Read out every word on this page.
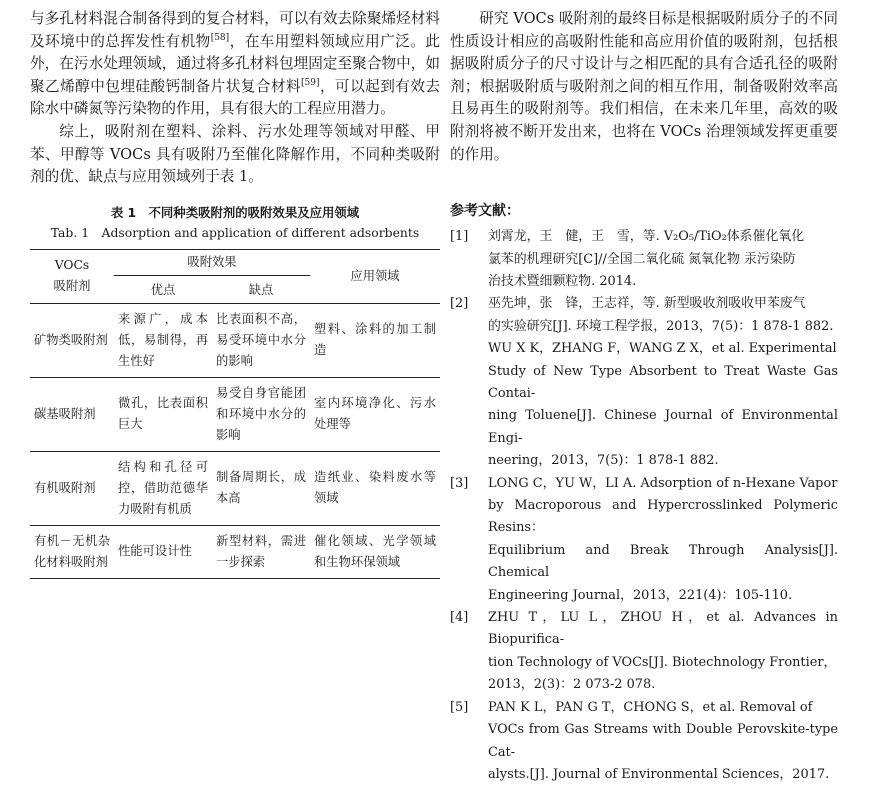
与多孔材料混合制备得到的复合材料，可以有效去除聚烯烃材料及环境中的总挥发性有机物[58]，在车用塑料领域应用广泛。此外，在污水处理领域，通过将多孔材料包埋固定至聚合物中，如聚乙烯醇中包埋硅酸钙制备片状复合材料[59]，可以起到有效去除水中磷氮等污染物的作用，具有很大的工程应用潜力。

综上，吸附剂在塑料、涂料、污水处理等领域对甲醛、甲苯、甲醇等 VOCs 具有吸附乃至催化降解作用，不同种类吸附剂的优、缺点与应用领域列于表 1。

表 1　不同种类吸附剂的吸附效果及应用领域
Tab. 1　Adsorption and application of different adsorbents
VOCs
吸附剂	吸附效果		应用领域
	优点	缺点	
矿物类吸附剂	来源广，成本低，易制得，再生性好	比表面积不高，易受环境中水分的影响	塑料、涂料的加工制造
碳基吸附剂	微孔，比表面积巨大	易受自身官能团和环境中水分的影响	室内环境净化、污水处理等
有机吸附剂	结构和孔径可控，借助范德华力吸附有机质	制备周期长，成本高	造纸业、染料废水等领域
有机－无机杂化材料吸附剂	性能可设计性	新型材料，需进一步探索	催化领域、光学领域和生物环保领域

研究 VOCs 吸附剂的最终目标是根据吸附质分子的不同性质设计相应的高吸附性能和高应用价值的吸附剂，包括根据吸附质分子的尺寸设计与之相匹配的具有合适孔径的吸附剂；根据吸附质与吸附剂之间的相互作用，制备吸附效率高且易再生的吸附剂等。我们相信，在未来几年里，高效的吸附剂将被不断开发出来，也将在 VOCs 治理领域发挥更重要的作用。

参考文献：
[1] 刘霄龙，王　健，王　雪，等. V₂O₅/TiO₂体系催化氧化
氯苯的机理研究[C]//全国二氧化硫 氮氧化物 汞污染防
治技术暨细颗粒物. 2014.
[2] 巫先坤，张　锋，王志祥，等. 新型吸收剂吸收甲苯废气
的实验研究[J]. 环境工程学报，2013，7(5)：1 878-1 882.
WU X K，ZHANG F，WANG Z X，et al. Experimental
Study of New Type Absorbent to Treat Waste Gas Contai-
ning Toluene[J]. Chinese Journal of Environmental Engi-
neering，2013，7(5)：1 878-1 882.
[3] LONG C，YU W，LI A. Adsorption of n-Hexane Vapor
by Macroporous and Hypercrosslinked Polymeric Resins：
Equilibrium and Break Through Analysis[J]. Chemical
Engineering Journal，2013，221(4)：105-110.
[4] ZHU T，LU L，ZHOU H，et al. Advances in Biopurifica-
tion Technology of VOCs[J]. Biotechnology Frontier，
2013，2(3)：2 073-2 078.
[5] PAN K L，PAN G T，CHONG S，et al. Removal of
VOCs from Gas Streams with Double Perovskite-type Cat-
alysts.[J]. Journal of Environmental Sciences，2017.
